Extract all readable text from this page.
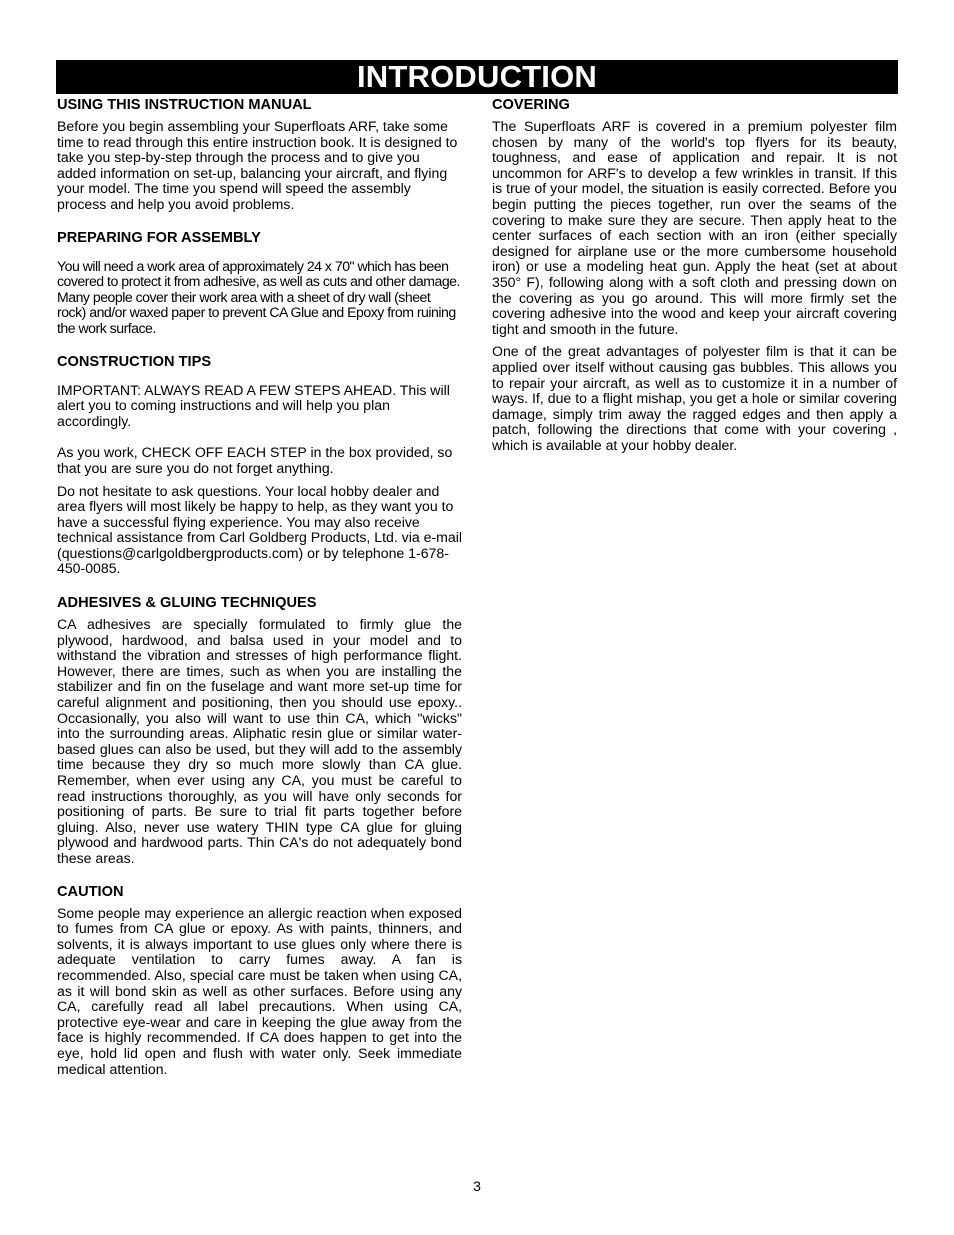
INTRODUCTION
USING THIS INSTRUCTION MANUAL

Before you begin assembling your Superfloats ARF, take some time to read through this entire instruction book. It is designed to take you step-by-step through the process and to give you added information on set-up, balancing your aircraft, and flying your model. The time you spend will speed the assembly process and help you avoid problems.

PREPARING FOR ASSEMBLY

You will need a work area of approximately 24 x 70" which has been covered to protect it from adhesive, as well as cuts and other damage. Many people cover their work area with a sheet of dry wall (sheet rock) and/or waxed paper to prevent CA Glue and Epoxy from ruining the work surface.

CONSTRUCTION TIPS

IMPORTANT: ALWAYS READ A FEW STEPS AHEAD. This will alert you to coming instructions and will help you plan accordingly.

As you work, CHECK OFF EACH STEP in the box provided, so that you are sure you do not forget anything.

Do not hesitate to ask questions. Your local hobby dealer and area flyers will most likely be happy to help, as they want you to have a successful flying experience. You may also receive technical assistance from Carl Goldberg Products, Ltd. via e-mail (questions@carlgoldbergproducts.com) or by telephone 1-678-450-0085.

ADHESIVES & GLUING TECHNIQUES

CA adhesives are specially formulated to firmly glue the plywood, hardwood, and balsa used in your model and to withstand the vibration and stresses of high performance flight. However, there are times, such as when you are installing the stabilizer and fin on the fuselage and want more set-up time for careful alignment and positioning, then you should use epoxy.. Occasionally, you also will want to use thin CA, which "wicks" into the surrounding areas. Aliphatic resin glue or similar water-based glues can also be used, but they will add to the assembly time because they dry so much more slowly than CA glue. Remember, when ever using any CA, you must be careful to read instructions thoroughly, as you will have only seconds for positioning of parts. Be sure to trial fit parts together before gluing. Also, never use watery THIN type CA glue for gluing plywood and hardwood parts. Thin CA's do not adequately bond these areas.

CAUTION

Some people may experience an allergic reaction when exposed to fumes from CA glue or epoxy. As with paints, thinners, and solvents, it is always important to use glues only where there is adequate ventilation to carry fumes away. A fan is recommended. Also, special care must be taken when using CA, as it will bond skin as well as other surfaces. Before using any CA, carefully read all label precautions. When using CA, protective eye-wear and care in keeping the glue away from the face is highly recommended. If CA does happen to get into the eye, hold lid open and flush with water only. Seek immediate medical attention.

COVERING

The Superfloats ARF is covered in a premium polyester film chosen by many of the world's top flyers for its beauty, toughness, and ease of application and repair. It is not uncommon for ARF's to develop a few wrinkles in transit. If this is true of your model, the situation is easily corrected. Before you begin putting the pieces together, run over the seams of the covering to make sure they are secure. Then apply heat to the center surfaces of each section with an iron (either specially designed for airplane use or the more cumbersome household iron) or use a modeling heat gun. Apply the heat (set at about 350° F), following along with a soft cloth and pressing down on the covering as you go around. This will more firmly set the covering adhesive into the wood and keep your aircraft covering tight and smooth in the future.

One of the great advantages of polyester film is that it can be applied over itself without causing gas bubbles. This allows you to repair your aircraft, as well as to customize it in a number of ways. If, due to a flight mishap, you get a hole or similar covering damage, simply trim away the ragged edges and then apply a patch, following the directions that come with your covering , which is available at your hobby dealer.

3
